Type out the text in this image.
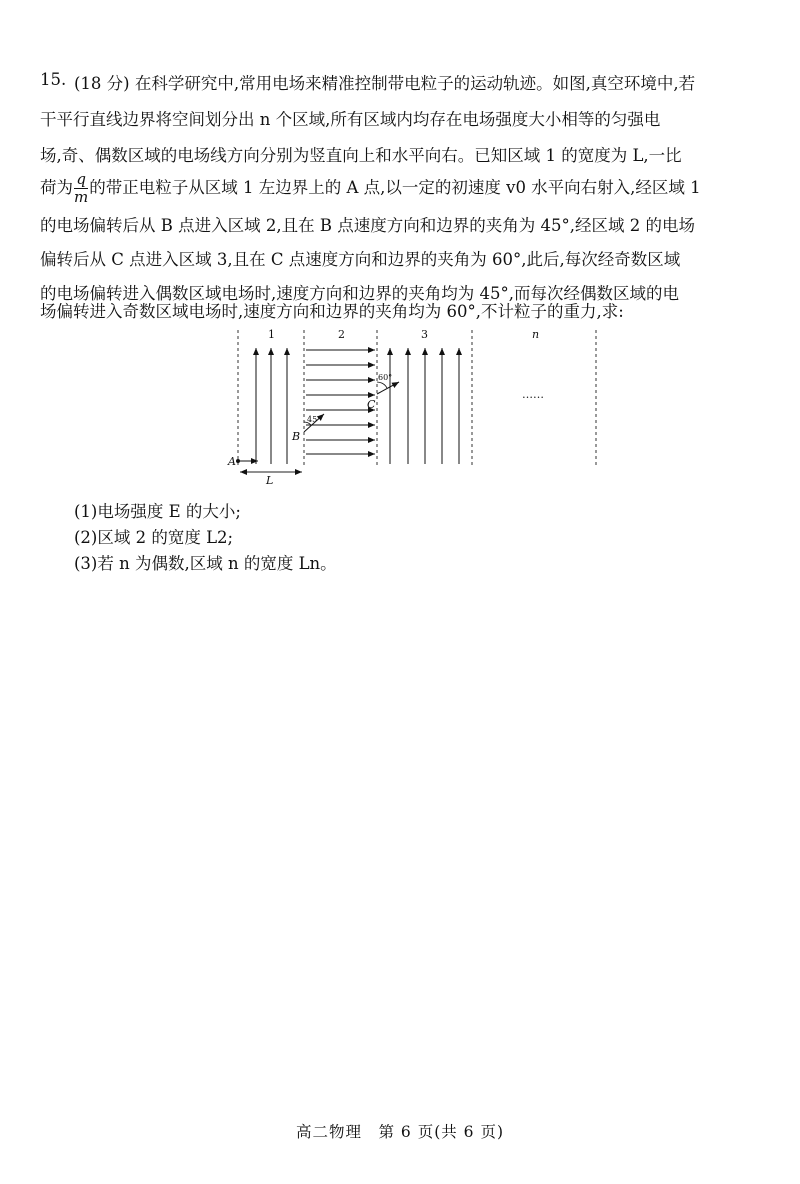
15. (18 分) 在科学研究中,常用电场来精准控制带电粒子的运动轨迹。如图,真空环境中,若
干平行直线边界将空间划分出 n 个区域,所有区域内均存在电场强度大小相等的匀强电
场,奇、偶数区域的电场线方向分别为竖直向上和水平向右。已知区域 1 的宽度为 L,一比
荷为 $\frac{q}{m}$ 的带正电粒子从区域 1 左边界上的 A 点,以一定的初速度 v0 水平向右射入,经区域 1
的电场偏转后从 B 点进入区域 2,且在 B 点速度方向和边界的夹角为 45°,经区域 2 的电场
偏转后从 C 点进入区域 3,且在 C 点速度方向和边界的夹角为 60°,此后,每次经奇数区域
的电场偏转进入偶数区域电场时,速度方向和边界的夹角均为 45°,而每次经偶数区域的电
场偏转进入奇数区域电场时,速度方向和边界的夹角均为 60°,不计粒子的重力,求:
1	2	3	n
A
L
45°
B
60°
C
……
(1)电场强度 E 的大小;
(2)区域 2 的宽度 L2;
(3)若 n 为偶数,区域 n 的宽度 Ln。
高二物理　第 6 页(共 6 页)
